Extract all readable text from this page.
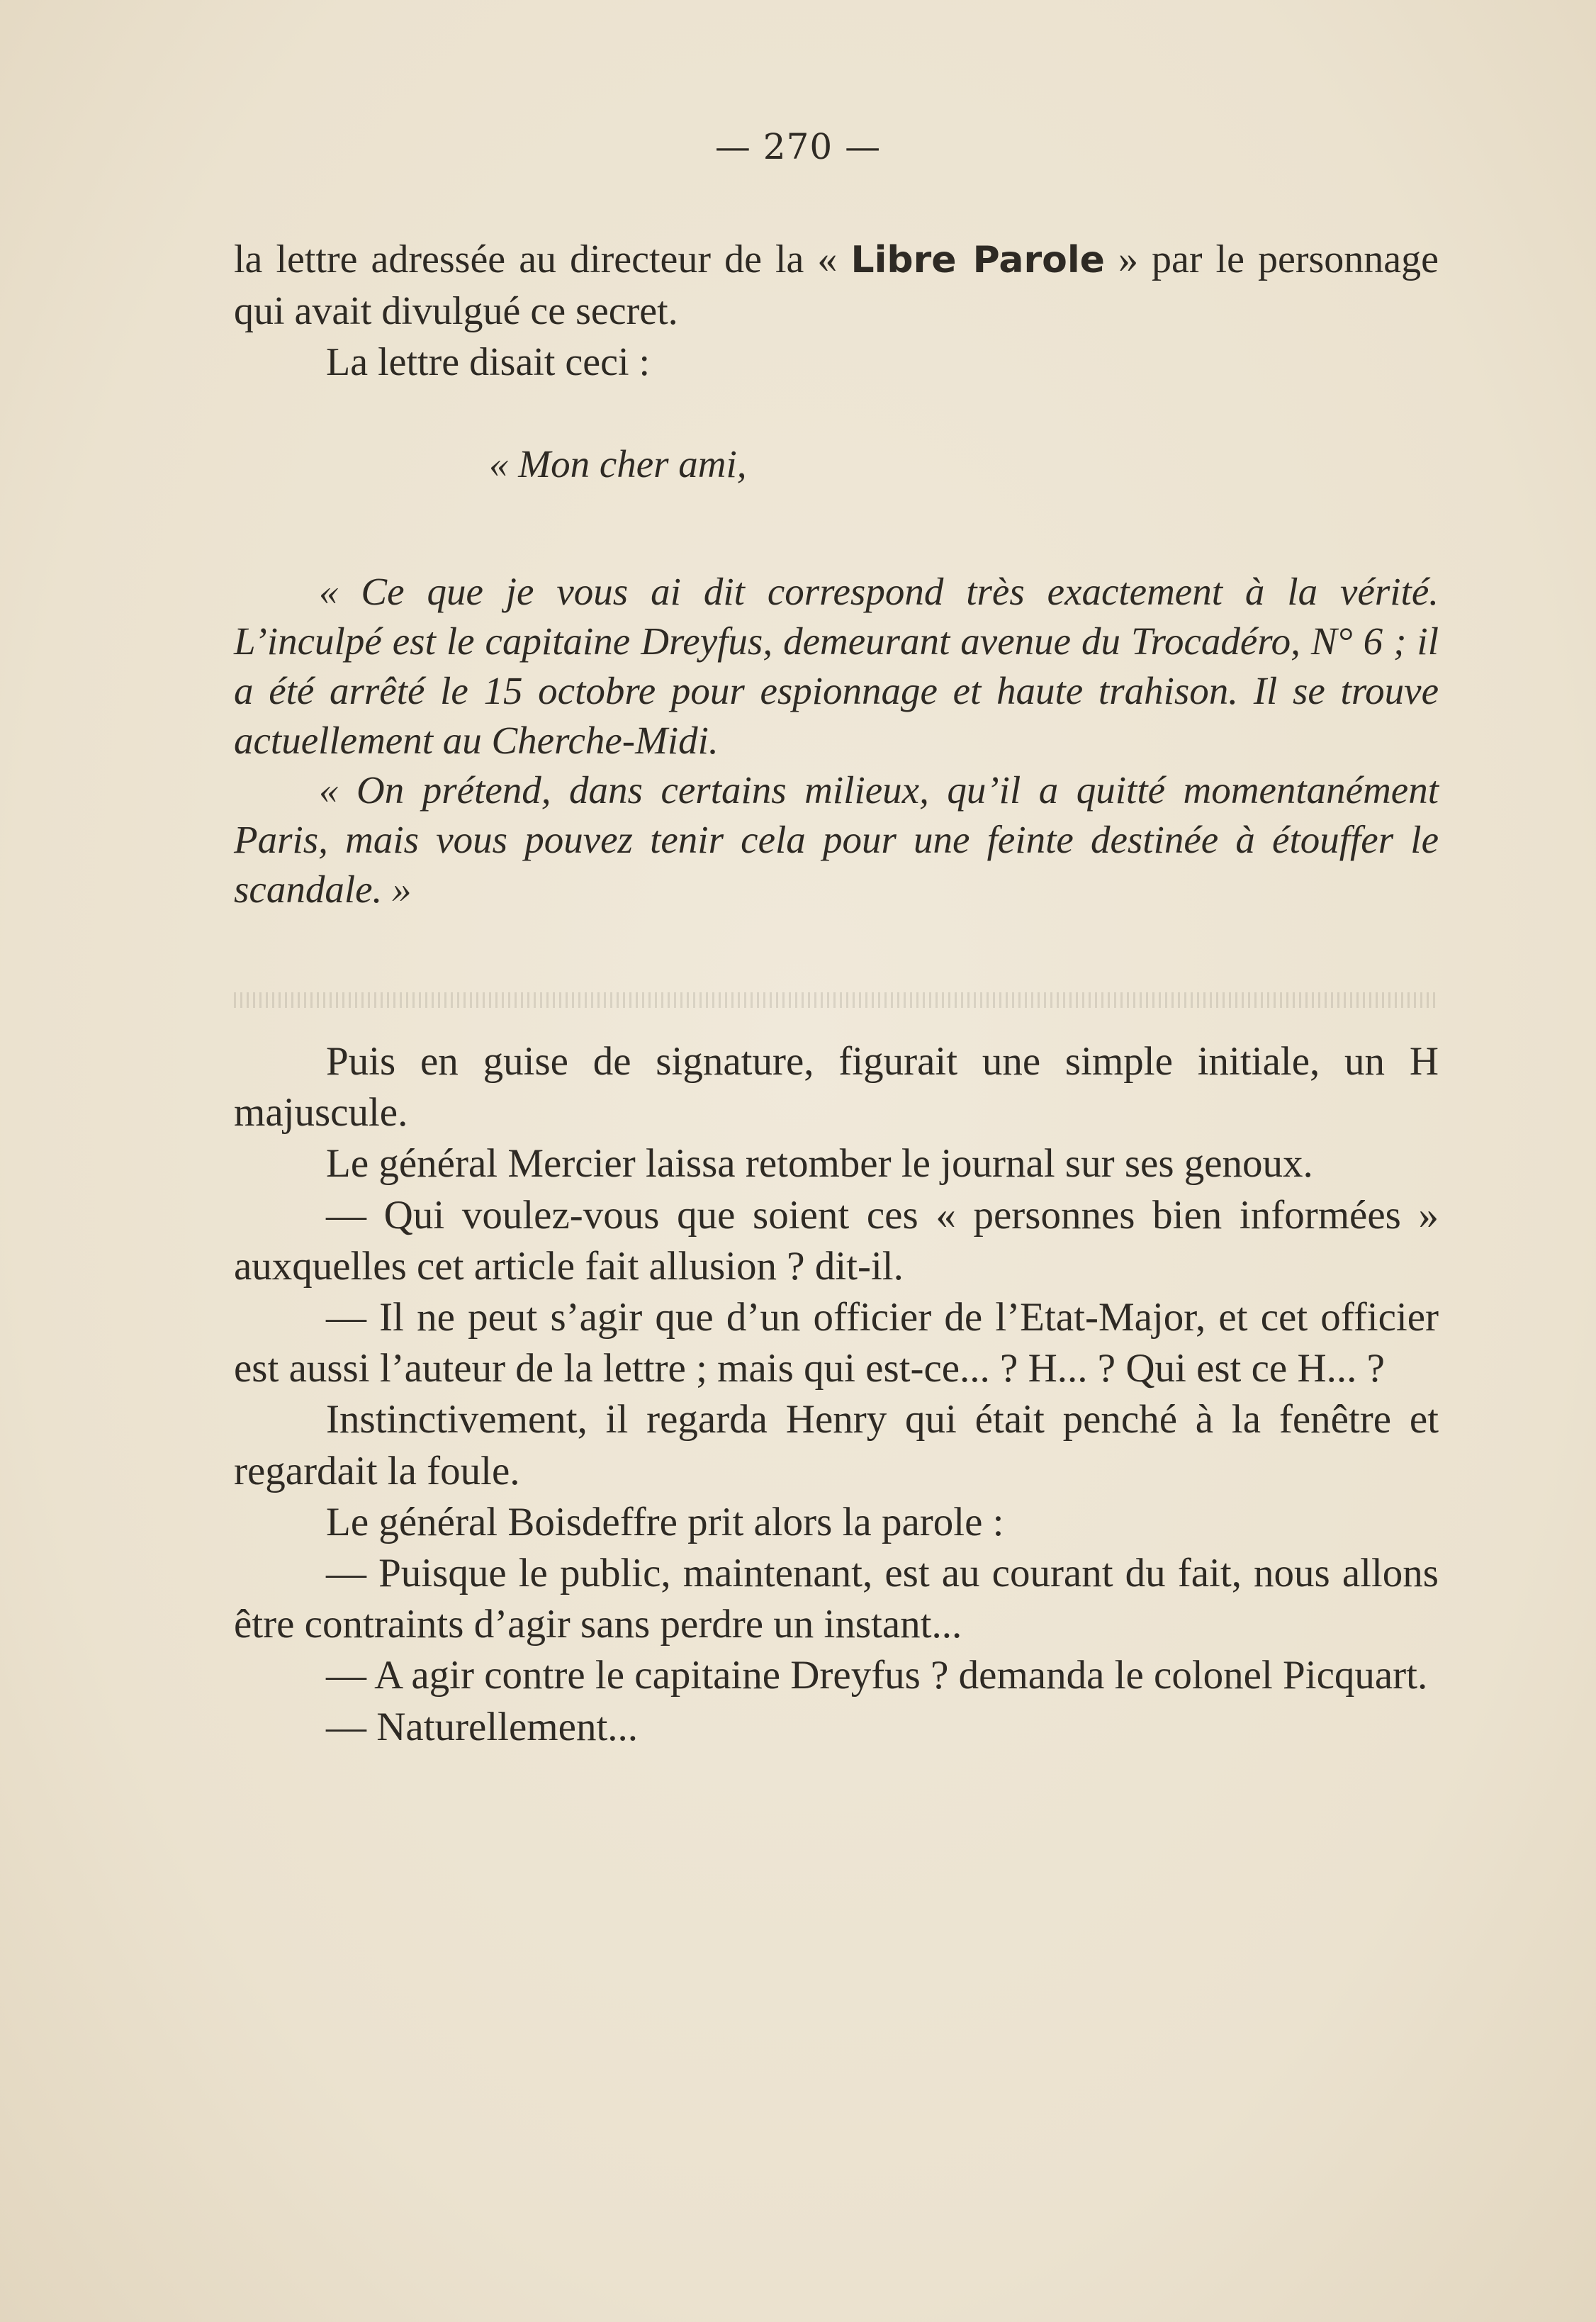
— 270 —

la lettre adressée au directeur de la « Libre Parole » par le personnage qui avait divulgué ce secret.

La lettre disait ceci :

« Mon cher ami,

« Ce que je vous ai dit correspond très exactement à la vérité. L’inculpé est le capitaine Dreyfus, demeurant avenue du Trocadéro, N° 6 ; il a été arrêté le 15 octobre pour espionnage et haute trahison. Il se trouve actuellement au Cherche-Midi.

« On prétend, dans certains milieux, qu’il a quitté momentanément Paris, mais vous pouvez tenir cela pour une feinte destinée à étouffer le scandale. »

Puis en guise de signature, figurait une simple initiale, un H majuscule.

Le général Mercier laissa retomber le journal sur ses genoux.

— Qui voulez-vous que soient ces « personnes bien informées » auxquelles cet article fait allusion ? dit-il.

— Il ne peut s’agir que d’un officier de l’Etat-Major, et cet officier est aussi l’auteur de la lettre ; mais qui est-ce... ? H... ? Qui est ce H... ?

Instinctivement, il regarda Henry qui était penché à la fenêtre et regardait la foule.

Le général Boisdeffre prit alors la parole :

— Puisque le public, maintenant, est au courant du fait, nous allons être contraints d’agir sans perdre un instant...

— A agir contre le capitaine Dreyfus ? demanda le colonel Picquart.

— Naturellement...
